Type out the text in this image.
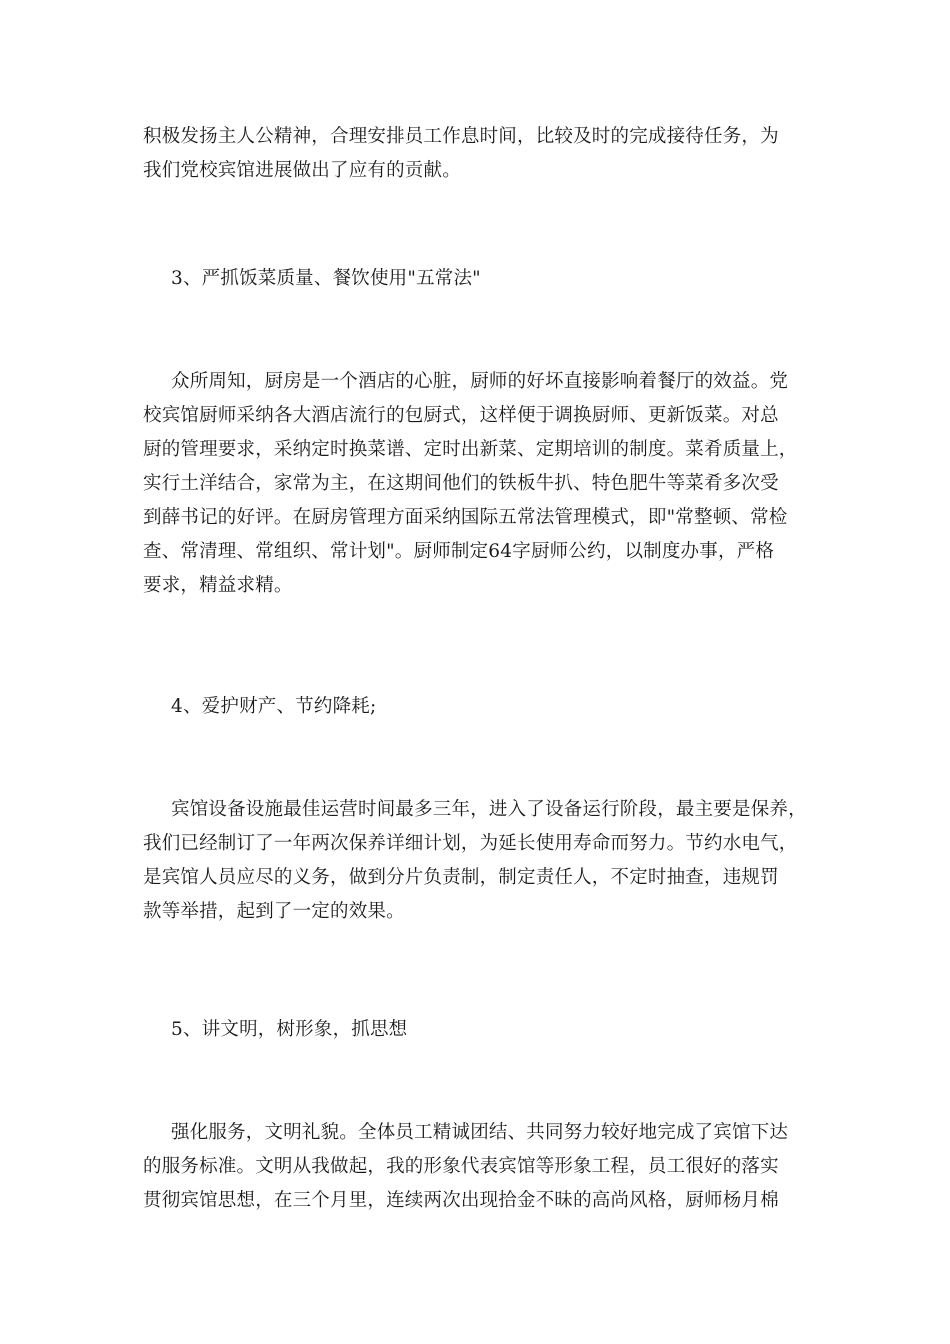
积极发扬主人公精神，合理安排员工作息时间，比较及时的完成接待任务，为
我们党校宾馆进展做出了应有的贡献。
3、严抓饭菜质量、餐饮使用"五常法"
众所周知，厨房是一个酒店的心脏，厨师的好坏直接影响着餐厅的效益。党
校宾馆厨师采纳各大酒店流行的包厨式，这样便于调换厨师、更新饭菜。对总
厨的管理要求，采纳定时换菜谱、定时出新菜、定期培训的制度。菜肴质量上，
实行土洋结合，家常为主，在这期间他们的铁板牛扒、特色肥牛等菜肴多次受
到薛书记的好评。在厨房管理方面采纳国际五常法管理模式，即"常整顿、常检
查、常清理、常组织、常计划"。厨师制定64字厨师公约，以制度办事，严格
要求，精益求精。
4、爱护财产、节约降耗;
宾馆设备设施最佳运营时间最多三年，进入了设备运行阶段，最主要是保养，
我们已经制订了一年两次保养详细计划，为延长使用寿命而努力。节约水电气，
是宾馆人员应尽的义务，做到分片负责制，制定责任人，不定时抽查，违规罚
款等举措，起到了一定的效果。
5、讲文明，树形象，抓思想
强化服务，文明礼貌。全体员工精诚团结、共同努力较好地完成了宾馆下达
的服务标准。文明从我做起，我的形象代表宾馆等形象工程，员工很好的落实
贯彻宾馆思想，在三个月里，连续两次出现拾金不昧的高尚风格，厨师杨月棉
